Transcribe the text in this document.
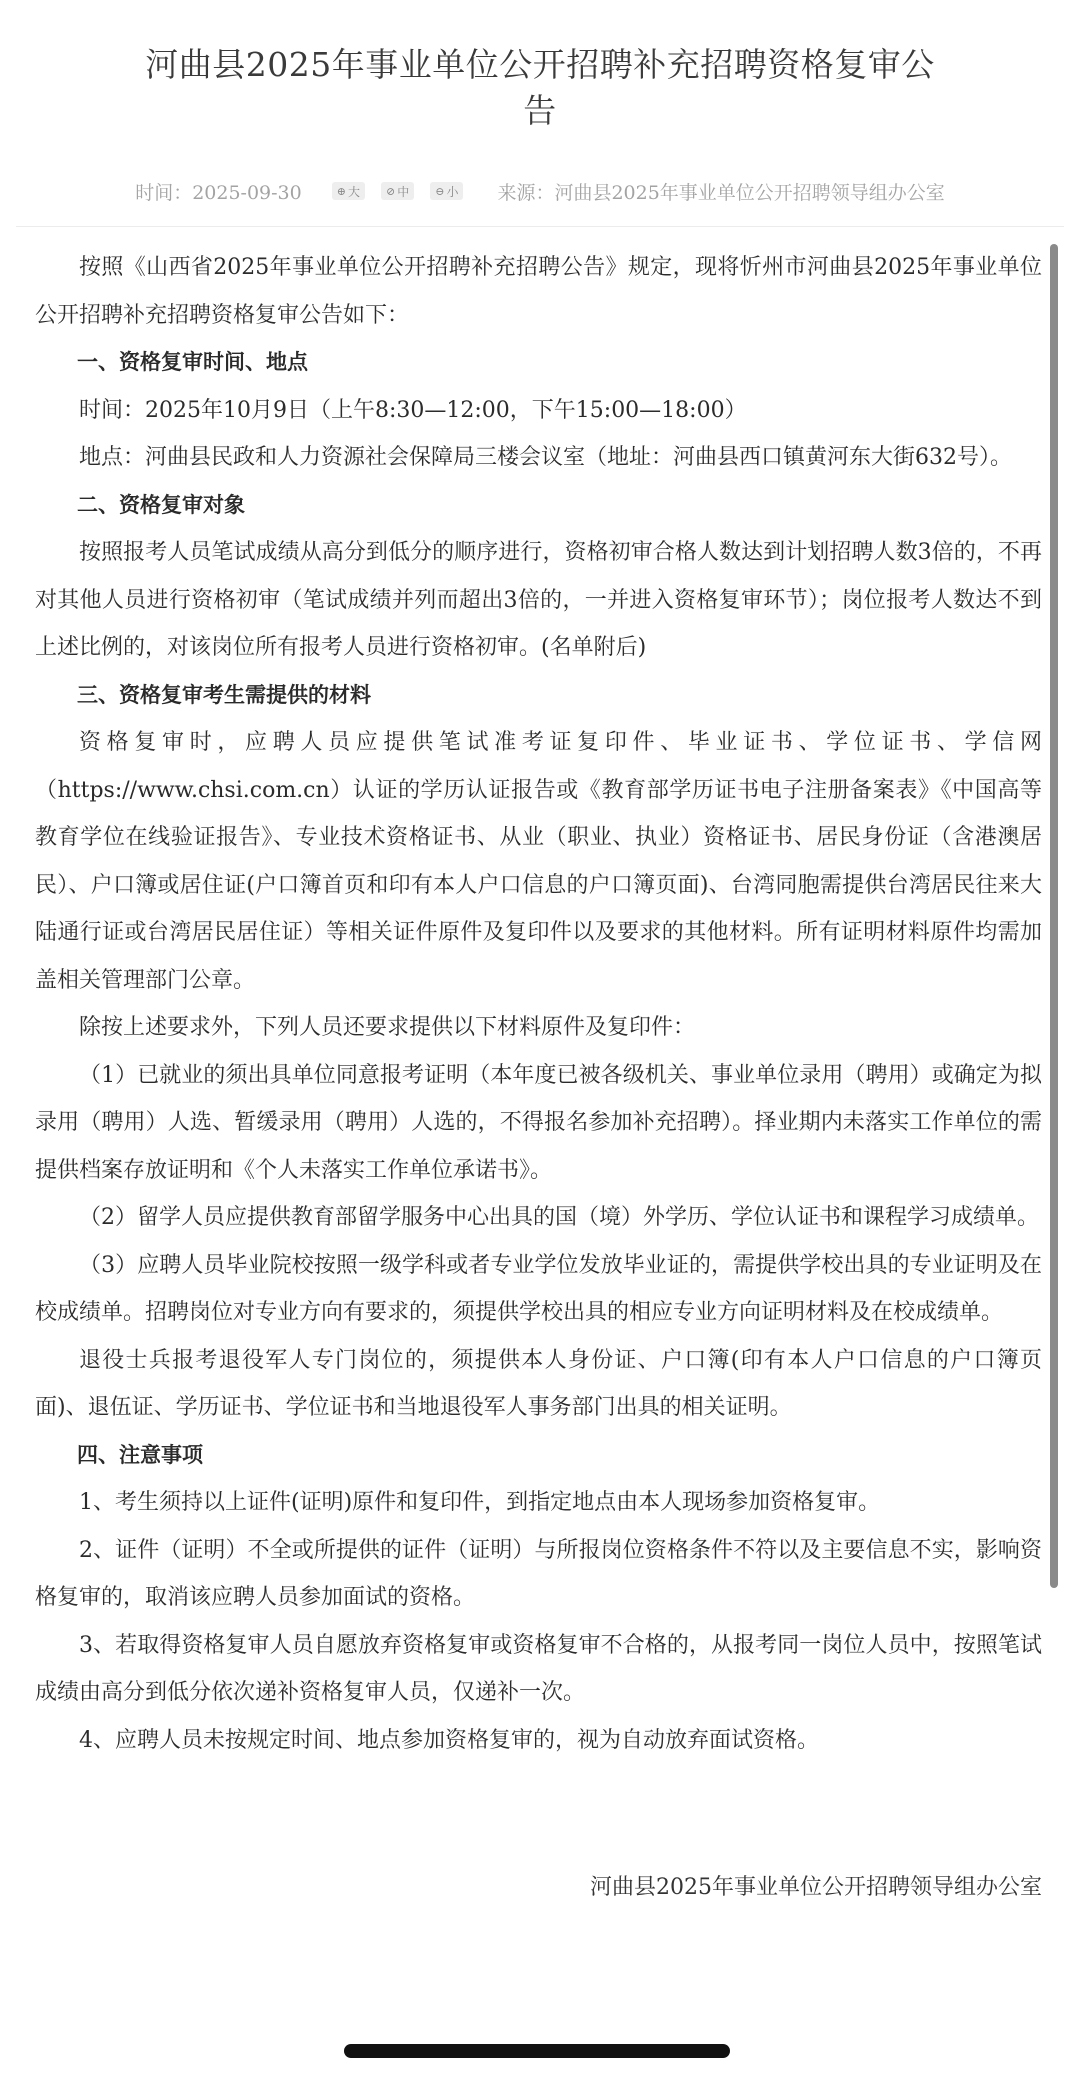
河曲县2025年事业单位公开招聘补充招聘资格复审公告
时间：2025-09-30	⊕ 大 ⊘ 中 ⊖ 小 来源：河曲县2025年事业单位公开招聘领导组办公室

按照《山西省2025年事业单位公开招聘补充招聘公告》规定，现将忻州市河曲县2025年事业单位公开招聘补充招聘资格复审公告如下：

一、资格复审时间、地点

时间：2025年10月9日（上午8:30—12:00，下午15:00—18:00）

地点：河曲县民政和人力资源社会保障局三楼会议室（地址：河曲县西口镇黄河东大街632号）。

二、资格复审对象

按照报考人员笔试成绩从高分到低分的顺序进行，资格初审合格人数达到计划招聘人数3倍的，不再对其他人员进行资格初审（笔试成绩并列而超出3倍的，一并进入资格复审环节）；岗位报考人数达不到上述比例的，对该岗位所有报考人员进行资格初审。(名单附后)

三、资格复审考生需提供的材料

资格复审时，应聘人员应提供笔试准考证复印件、毕业证书、学位证书、学信网（https://www.chsi.com.cn）认证的学历认证报告或《教育部学历证书电子注册备案表》《中国高等教育学位在线验证报告》、专业技术资格证书、从业（职业、执业）资格证书、居民身份证（含港澳居民）、户口簿或居住证(户口簿首页和印有本人户口信息的户口簿页面)、台湾同胞需提供台湾居民往来大陆通行证或台湾居民居住证）等相关证件原件及复印件以及要求的其他材料。所有证明材料原件均需加盖相关管理部门公章。

除按上述要求外，下列人员还要求提供以下材料原件及复印件：

（1）已就业的须出具单位同意报考证明（本年度已被各级机关、事业单位录用（聘用）或确定为拟录用（聘用）人选、暂缓录用（聘用）人选的，不得报名参加补充招聘）。择业期内未落实工作单位的需提供档案存放证明和《个人未落实工作单位承诺书》。

（2）留学人员应提供教育部留学服务中心出具的国（境）外学历、学位认证书和课程学习成绩单。

（3）应聘人员毕业院校按照一级学科或者专业学位发放毕业证的，需提供学校出具的专业证明及在校成绩单。招聘岗位对专业方向有要求的，须提供学校出具的相应专业方向证明材料及在校成绩单。

退役士兵报考退役军人专门岗位的，须提供本人身份证、户口簿(印有本人户口信息的户口簿页面)、退伍证、学历证书、学位证书和当地退役军人事务部门出具的相关证明。

四、注意事项

1、考生须持以上证件(证明)原件和复印件，到指定地点由本人现场参加资格复审。

2、证件（证明）不全或所提供的证件（证明）与所报岗位资格条件不符以及主要信息不实，影响资格复审的，取消该应聘人员参加面试的资格。

3、若取得资格复审人员自愿放弃资格复审或资格复审不合格的，从报考同一岗位人员中，按照笔试成绩由高分到低分依次递补资格复审人员，仅递补一次。

4、应聘人员未按规定时间、地点参加资格复审的，视为自动放弃面试资格。

河曲县2025年事业单位公开招聘领导组办公室
